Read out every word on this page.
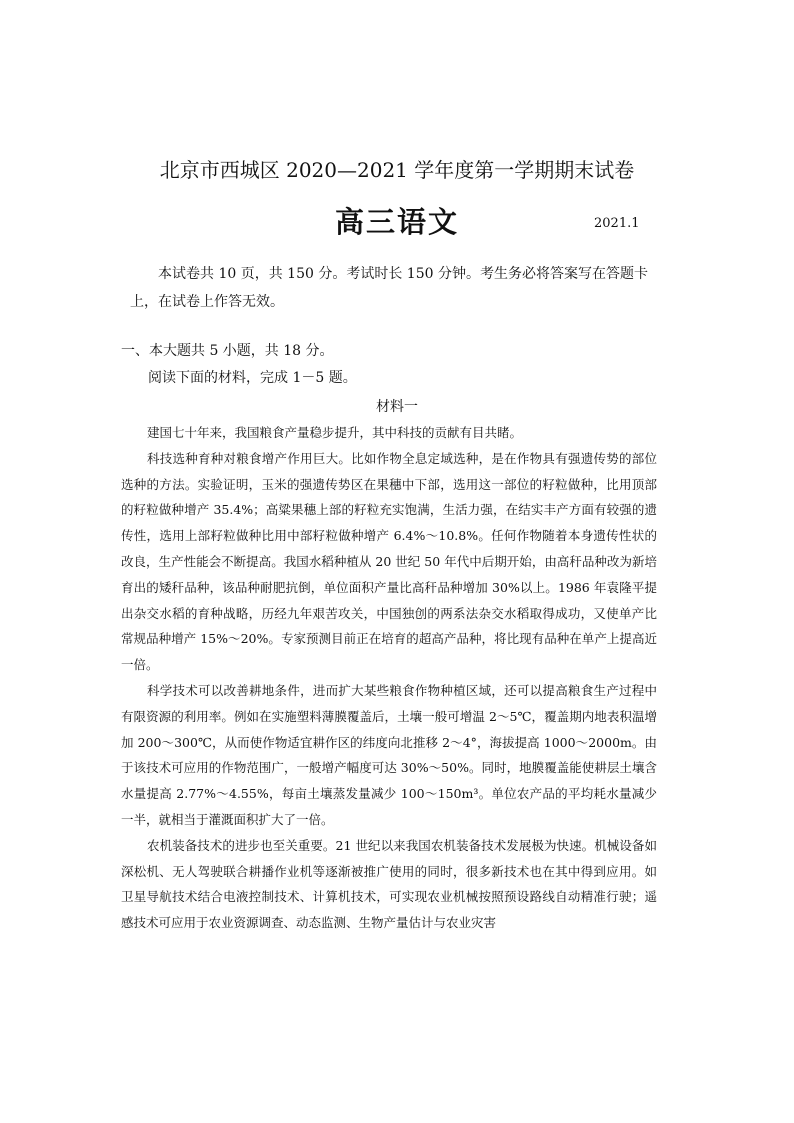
北京市西城区 2020—2021 学年度第一学期期末试卷
高三语文	2021.1
本试卷共 10 页，共 150 分。考试时长 150 分钟。考生务必将答案写在答题卡上，在试卷上作答无效。
一、本大题共 5 小题，共 18 分。
阅读下面的材料，完成 1－5 题。
材料一

建国七十年来，我国粮食产量稳步提升，其中科技的贡献有目共睹。

科技选种育种对粮食增产作用巨大。比如作物全息定域选种，是在作物具有强遗传势的部位选种的方法。实验证明，玉米的强遗传势区在果穗中下部，选用这一部位的籽粒做种，比用顶部的籽粒做种增产 35.4%；高粱果穗上部的籽粒充实饱满，生活力强，在结实丰产方面有较强的遗传性，选用上部籽粒做种比用中部籽粒做种增产 6.4%～10.8%。任何作物随着本身遗传性状的改良，生产性能会不断提高。我国水稻种植从 20 世纪 50 年代中后期开始，由高秆品种改为新培育出的矮秆品种，该品种耐肥抗倒，单位面积产量比高秆品种增加 30%以上。1986 年袁隆平提出杂交水稻的育种战略，历经九年艰苦攻关，中国独创的两系法杂交水稻取得成功，又使单产比常规品种增产 15%～20%。专家预测目前正在培育的超高产品种，将比现有品种在单产上提高近一倍。

科学技术可以改善耕地条件，进而扩大某些粮食作物种植区域，还可以提高粮食生产过程中有限资源的利用率。例如在实施塑料薄膜覆盖后，土壤一般可增温 2～5℃，覆盖期内地表积温增加 200～300℃，从而使作物适宜耕作区的纬度向北推移 2～4°，海拔提高 1000～2000m。由于该技术可应用的作物范围广，一般增产幅度可达 30%～50%。同时，地膜覆盖能使耕层土壤含水量提高 2.77%～4.55%，每亩土壤蒸发量减少 100～150m³。单位农产品的平均耗水量减少一半，就相当于灌溉面积扩大了一倍。

农机装备技术的进步也至关重要。21 世纪以来我国农机装备技术发展极为快速。机械设备如深松机、无人驾驶联合耕播作业机等逐渐被推广使用的同时，很多新技术也在其中得到应用。如卫星导航技术结合电液控制技术、计算机技术，可实现农业机械按照预设路线自动精准行驶；遥感技术可应用于农业资源调查、动态监测、生物产量估计与农业灾害
